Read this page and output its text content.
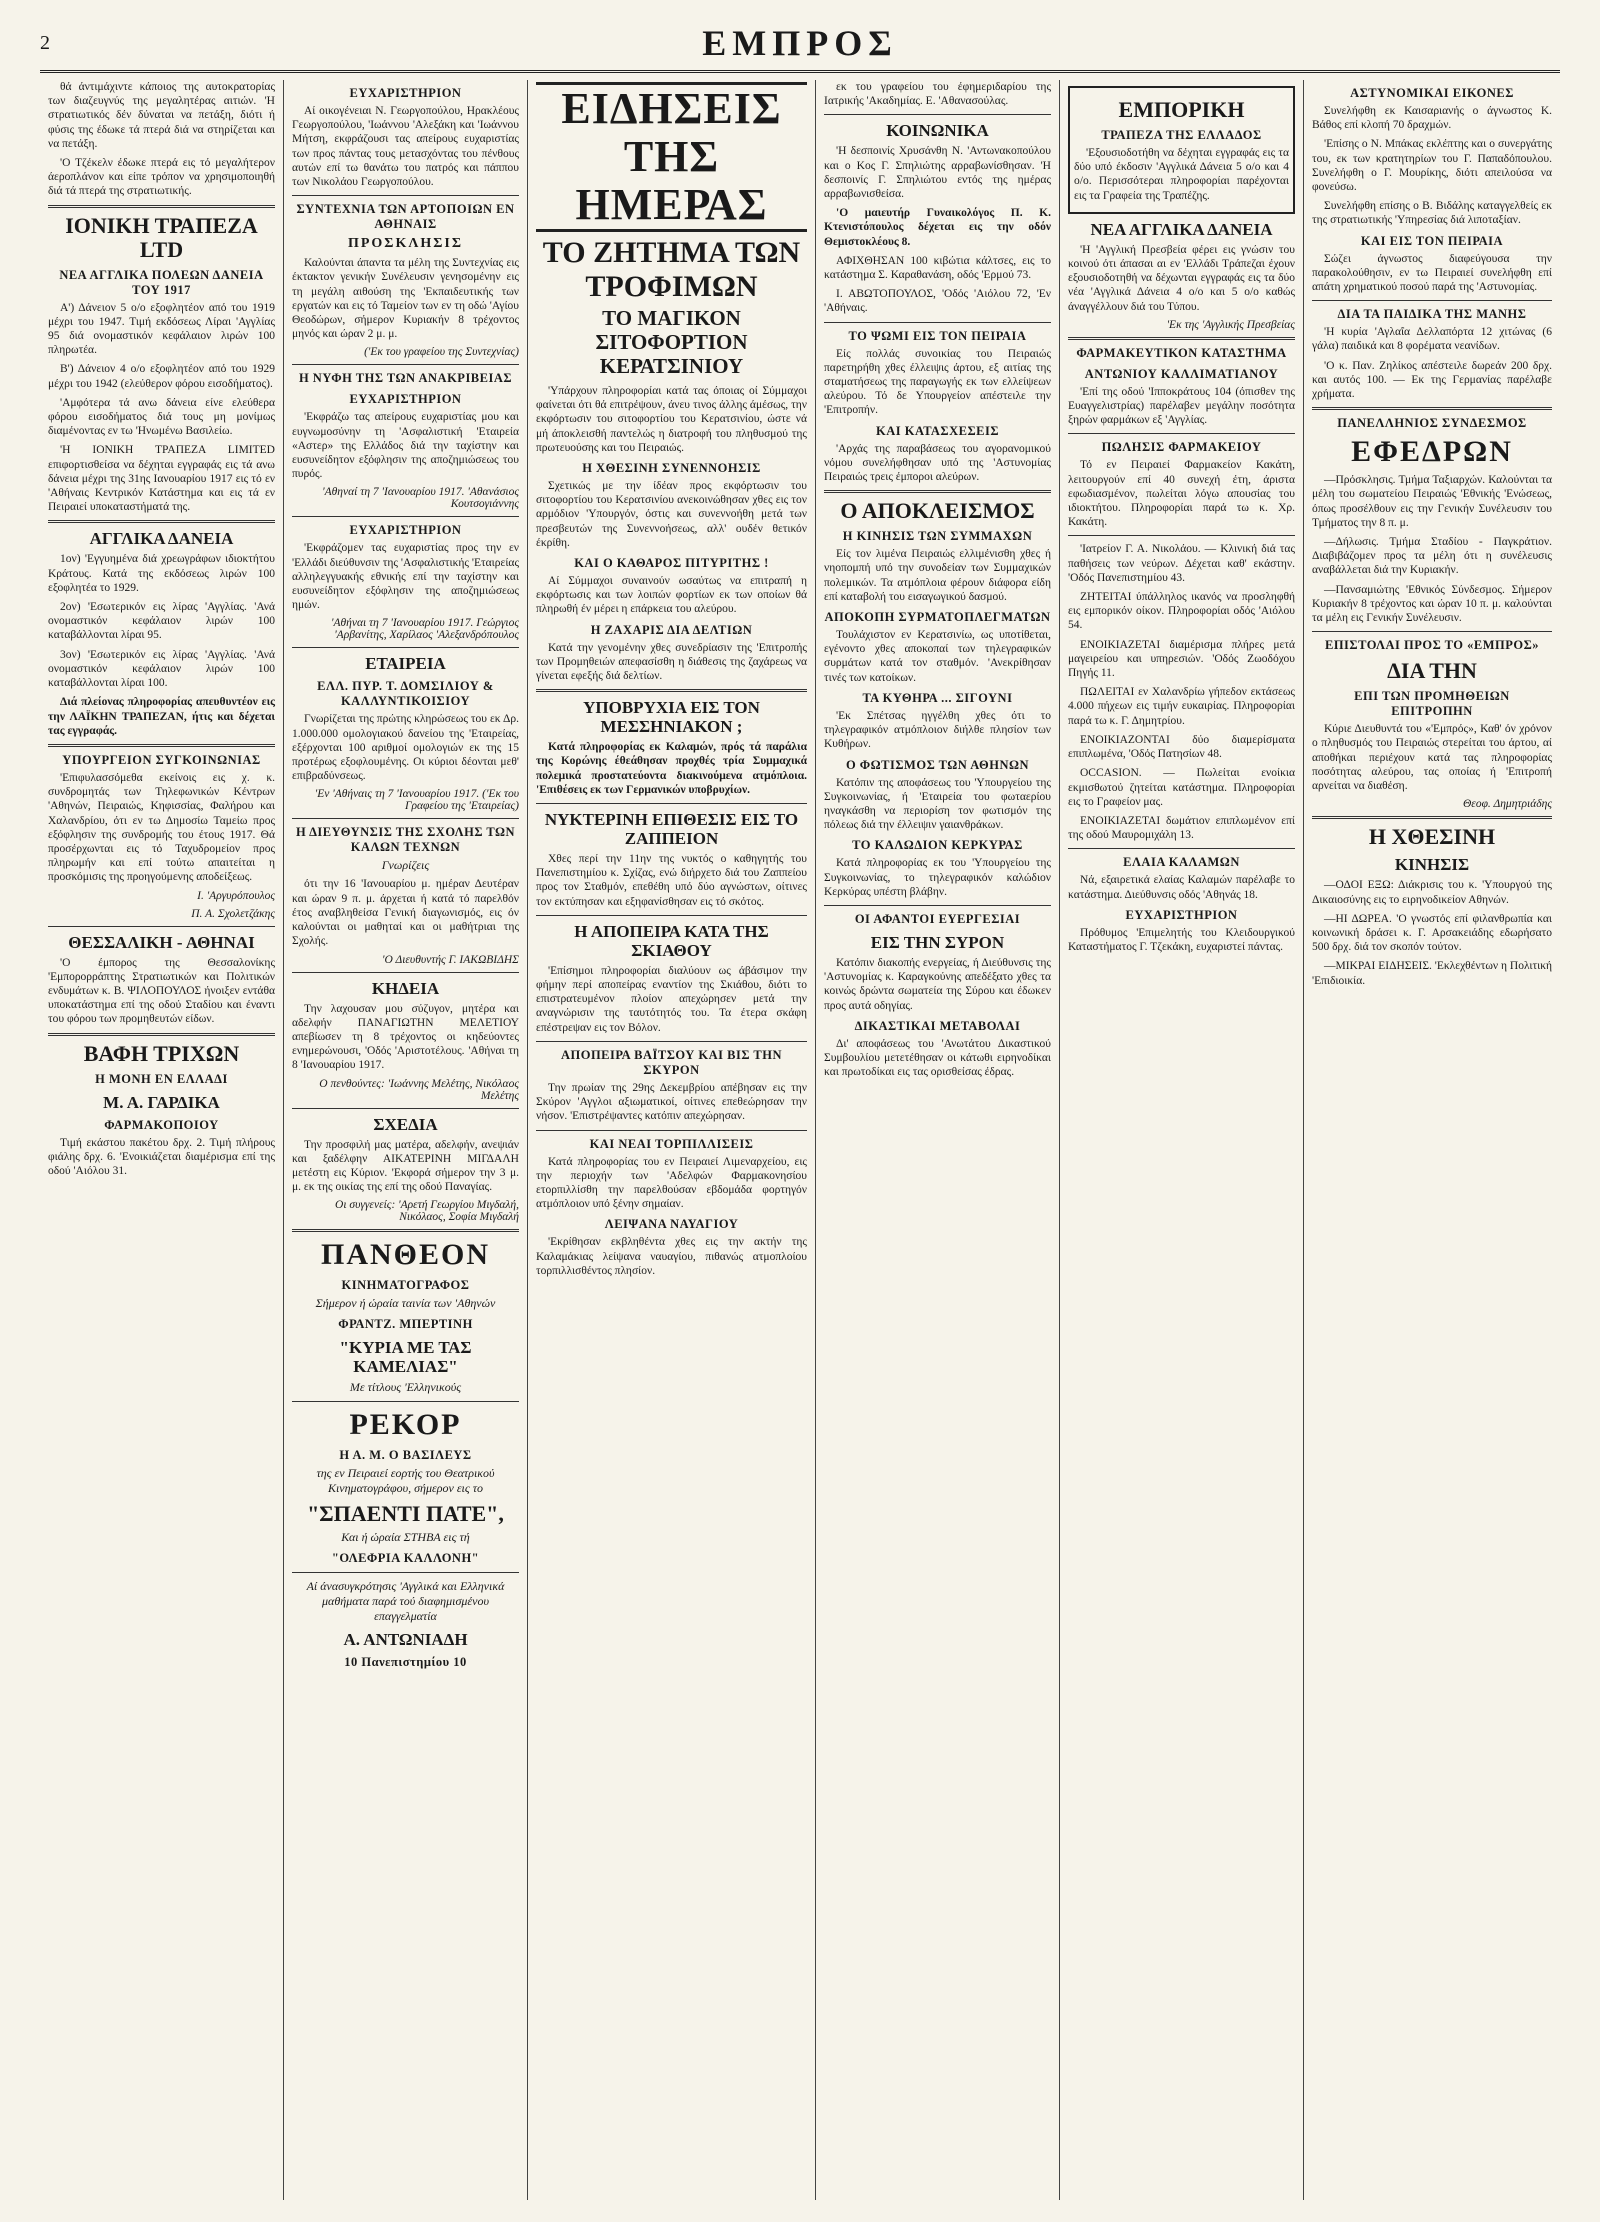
2	ΕΜΠΡΟΣ

θά άντιμάχιντε κάποιος της αυτοκρατορίας των διαζευγνύς της μεγαλητέρας αιτιών. 'Η στρατιωτικός δέν δύναται να πετάξη, διότι ή φύσις της έδωκε τά πτερά διά να στηρίζεται και να πετάξη.

'Ο Τζέκελν έδωκε πτερά εις τό μεγαλήτερον άεροπλάνον και είπε τρόπον να χρησιμοποιηθή διά τά πτερά της στρατιωτικής.

ΙΟΝΙΚΗ ΤΡΑΠΕΖΑ LTD
ΝΕΑ ΑΓΓΛΙΚΑ ΠΟΛΕΩΝ ΔΑΝΕΙΑ ΤΟΥ 1917

Α') Δάνειον 5 ο/ο εξοφλητέον από του 1919 μέχρι του 1947. Τιμή εκδόσεως Λίραι 'Αγγλίας 95 διά ονομαστικόν κεφάλαιον λιρών 100 πληρωτέα.

Β') Δάνειον 4 ο/ο εξοφλητέον από του 1929 μέχρι του 1942 (ελεύθερον φόρου εισοδήματος).

'Αμφότερα τά ανω δάνεια είνε ελεύθερα φόρου εισοδήματος διά τους μη μονίμως διαμένοντας εν τω 'Ηνωμένω Βασιλείω.

'Η ΙΟΝΙΚΗ ΤΡΑΠΕΖΑ LIMITED επιφορτισθείσα να δέχηται εγγραφάς εις τά ανω δάνεια μέχρι της 31ης Ιανουαρίου 1917 εις τό εν 'Αθήναις Κεντρικόν Κατάστημα και εις τά εν Πειραιεί υποκαταστήματά της.

ΑΓΓΛΙΚΑ ΔΑΝΕΙΑ

1ον) 'Εγγυημένα διά χρεωγράφων ιδιοκτήτου Κράτους. Κατά της εκδόσεως λιρών 100 εξοφλητέα το 1929.

2ον) 'Εσωτερικόν εις λίρας 'Αγγλίας. 'Ανά ονομαστικόν κεφάλαιον λιρών 100 καταβάλλονται λίραι 95.

3ον) 'Εσωτερικόν εις λίρας 'Αγγλίας. 'Ανά ονομαστικόν κεφάλαιον λιρών 100 καταβάλλονται λίραι 100.

Διά πλείονας πληροφορίας απευθυντέον εις την ΛΑΪΚΗΝ ΤΡΑΠΕΖΑΝ, ήτις και δέχεται τας εγγραφάς.

ΥΠΟΥΡΓΕΙΟΝ ΣΥΓΚΟΙΝΩΝΙΑΣ

'Επιφυλασσόμεθα εκείνοις εις χ. κ. συνδρομητάς των Τηλεφωνικών Κέντρων 'Αθηνών, Πειραιώς, Κηφισσίας, Φαλήρου και Χαλανδρίου, ότι εν τω Δημοσίω Ταμείω προς εξόφλησιν της συνδρομής του έτους 1917. Θά προσέρχωνται εις τό Ταχυδρομείον προς πληρωμήν και επί τούτω απαιτείται η προσκόμισις της προηγούμενης αποδείξεως.

Ι. 'Αργυρόπουλος
Π. Α. Σχολετζάκης
ΘΕΣΣΑΛΙΚΗ - ΑΘΗΝΑΙ

'Ο έμπορος της Θεσσαλονίκης 'Εμπορορράπτης Στρατιωτικών και Πολιτικών ενδυμάτων κ. Β. ΨΙΛΟΠΟΥΛΟΣ ήνοιξεν εντάθα υποκατάστημα επί της οδού Σταδίου και έναντι του φόρου των προμηθευτών είδων.

ΒΑΦΗ ΤΡΙΧΩΝ
Η ΜΟΝΗ ΕΝ ΕΛΛΑΔΙ
Μ. Α. ΓΑΡΔΙΚΑ
ΦΑΡΜΑΚΟΠΟΙΟΥ

Τιμή εκάστου πακέτου δρχ. 2. Τιμή πλήρους φιάλης δρχ. 6. 'Ενοικιάζεται διαμέρισμα επί της οδού 'Αιόλου 31.

ΕΥΧΑΡΙΣΤΗΡΙΟΝ

Αί οικογένειαι Ν. Γεωργοπούλου, Ηρακλέους Γεωργοπούλου, 'Ιωάννου 'Αλεξάκη και 'Ιωάννου Μήτση, εκφράζουσι τας απείρους ευχαριστίας των προς πάντας τους μετασχόντας του πένθους αυτών επί τω θανάτω του πατρός και πάππου των Νικολάου Γεωργοπούλου.

ΣΥΝΤΕΧΝΙΑ ΤΩΝ ΑΡΤΟΠΟΙΩΝ ΕΝ ΑΘΗΝΑΙΣ
ΠΡΟΣΚΛΗΣΙΣ

Καλούνται άπαντα τα μέλη της Συντεχνίας εις έκτακτον γενικήν Συνέλευσιν γενησομένην εις τη μεγάλη αιθούση της 'Εκπαιδευτικής των εργατών και εις τό Ταμείον των εν τη οδώ 'Αγίου Θεοδώρων, σήμερον Κυριακήν 8 τρέχοντος μηνός και ώραν 2 μ. μ.

('Εκ του γραφείου της Συντεχνίας)
Η ΝΥΦΗ ΤΗΣ ΤΩΝ ΑΝΑΚΡΙΒΕΙΑΣ
ΕΥΧΑΡΙΣΤΗΡΙΟΝ

'Εκφράζω τας απείρους ευχαριστίας μου και ευγνωμοσύνην τη 'Ασφαλιστική 'Εταιρεία «Αστερ» της Ελλάδος διά την ταχίστην και ευσυνείδητον εξόφλησιν της αποζημιώσεως του πυρός.

'Αθηναί τη 7 'Ιανουαρίου 1917. 'Αθανάσιος Κουτσογιάννης
ΕΥΧΑΡΙΣΤΗΡΙΟΝ

'Εκφράζομεν τας ευχαριστίας προς την εν 'Ελλάδι διεύθυνσιν της 'Ασφαλιστικής 'Εταιρείας αλληλεγγυακής εθνικής επί την ταχίστην και ευσυνείδητον εξόφλησιν της αποζημιώσεως ημών.

'Αθήναι τη 7 'Ιανουαρίου 1917. Γεώργιος 'Αρβανίτης, Χαρίλαος 'Αλεξανδρόπουλος
ΕΤΑΙΡΕΙΑ
ΕΛΛ. ΠΥΡ. Τ. ΔΟΜΣΙΛΙΟΥ & ΚΑΛΛΥΝΤΙΚΟΙΣΙΟΥ

Γνωρίζεται της πρώτης κληρώσεως του εκ Δρ. 1.000.000 ομολογιακού δανείου της 'Εταιρείας, εξέρχονται 100 αριθμοί ομολογιών εκ της 15 προτέρως εξοφλουμένης. Οι κύριοι δέονται μεθ' επιβραδύνσεως.

'Εν 'Αθήναις τη 7 'Ιανουαρίου 1917. ('Εκ του Γραφείου της 'Εταιρείας)
Η ΔΙΕΥΘΥΝΣΙΣ ΤΗΣ ΣΧΟΛΗΣ ΤΩΝ ΚΑΛΩΝ ΤΕΧΝΩΝ
Γνωρίζεις

ότι την 16 'Ιανουαρίου μ. ημέραν Δευτέραν και ώραν 9 π. μ. άρχεται ή κατά τό παρελθόν έτος αναβληθείσα Γενική διαγωνισμός, εις όν καλούνται οι μαθηταί και οι μαθήτριαι της Σχολής.

'Ο Διευθυντής Γ. ΙΑΚΩΒΙΔΗΣ
ΚΗΔΕΙΑ

Την λαχουσαν μου σύζυγον, μητέρα και αδελφήν ΠΑΝΑΓΙΩΤΗΝ ΜΕΛΕΤΙΟΥ απεβίωσεν τη 8 τρέχοντος οι κηδεύοντες ενημερώνουσι, 'Οδός 'Αριστοτέλους. 'Αθήναι τη 8 'Ιανουαρίου 1917.

Ο πενθούντες: 'Ιωάννης Μελέτης, Νικόλαος Μελέτης
ΣΧΕΔΙΑ

Την προσφιλή μας ματέρα, αδελφήν, ανεψιάν και ξαδέλφην ΑΙΚΑΤΕΡΙΝΗ ΜΙΓΔΑΛΗ μετέστη εις Κύριον. 'Εκφορά σήμερον την 3 μ. μ. εκ της οικίας της επί της οδού Παναγίας.

Οι συγγενείς: 'Αρετή Γεωργίου Μιγδαλή, Νικόλαος, Σοφία Μιγδαλή
ΠΑΝΘΕΟΝ
ΚΙΝΗΜΑΤΟΓΡΑΦΟΣ
Σήμερον ή ώραία ταινία των 'Αθηνών
ΦΡΑΝΤΖ. ΜΠΕΡΤΙΝΗ
"ΚΥΡΙΑ ΜΕ ΤΑΣ ΚΑΜΕΛΙΑΣ"
Με τίτλους 'Ελληνικούς
ΡΕΚΟΡ
Η Α. Μ. Ο ΒΑΣΙΛΕΥΣ
της εν Πειραιεί εορτής του Θεατρικού Κινηματογράφου, σήμερον εις το
"ΣΠΑΕΝΤΙ ΠΑΤΕ",
Και ή ώραία ΣΤΗΒΑ εις τή
"ΟΛΕΦΡΙΑ ΚΑΛΛΟΝΗ"
Αί άνασυγκρότησις 'Αγγλικά και Ελληνικά μαθήματα παρά τού διαφημισμένου επαγγελματία
Α. ΑΝΤΩΝΙΑΔΗ
10 Πανεπιστημίου 10
ΕΙΔΗΣΕΙΣ ΤΗΣ ΗΜΕΡΑΣ
ΤΟ ΖΗΤΗΜΑ ΤΩΝ ΤΡΟΦΙΜΩΝ
ΤΟ ΜΑΓΙΚΟΝ ΣΙΤΟΦΟΡΤΙΟΝ ΚΕΡΑΤΣΙΝΙΟΥ

'Υπάρχουν πληροφορίαι κατά τας όποιας οί Σύμμαχοι φαίνεται ότι θά επιτρέψουν, άνευ τινος άλλης άμέσως, την εκφόρτωσιν του σιτοφορτίου του Κερατσινίου, ώστε νά μή άποκλεισθή παντελώς η διατροφή του πληθυσμού της πρωτευούσης και του Πειραιώς.

Η ΧΘΕΣΙΝΗ ΣΥΝΕΝΝΟΗΣΙΣ

Σχετικώς με την ίδέαν προς εκφόρτωσιν του σιτοφορτίου του Κερατσινίου ανεκοινώθησαν χθες εις τον αρμόδιον 'Υπουργόν, όστις και συνεννοήθη μετά των πρεσβευτών της Συνεννοήσεως, αλλ' ουδέν θετικόν έκρίθη.

ΚΑΙ Ο ΚΑΘΑΡΟΣ ΠΙΤΥΡΙΤΗΣ !

Αί Σύμμαχοι συναινούν ωσαύτως να επιτραπή η εκφόρτωσις και των λοιπών φορτίων εκ των οποίων θά πληρωθή έν μέρει η επάρκεια του αλεύρου.

Η ΖΑΧΑΡΙΣ ΔΙΑ ΔΕΛΤΙΩΝ

Κατά την γενομένην χθες συνεδρίασιν της 'Επιτροπής των Προμηθειών απεφασίσθη η διάθεσις της ζαχάρεως να γίνεται εφεξής διά δελτίων.

ΥΠΟΒΡΥΧΙΑ ΕΙΣ ΤΟΝ ΜΕΣΣΗΝΙΑΚΟΝ ;

Κατά πληροφορίας εκ Καλαμών, πρός τά παράλια της Κορώνης έθεάθησαν προχθές τρία Συμμαχικά πολεμικά προστατεύοντα διακινούμενα ατμόπλοια. 'Επιθέσεις εκ των Γερμανικών υποβρυχίων.

ΝΥΚΤΕΡΙΝΗ ΕΠΙΘΕΣΙΣ ΕΙΣ ΤΟ ΖΑΠΠΕΙΟΝ

Χθες περί την 11ην της νυκτός ο καθηγητής του Πανεπιστημίου κ. Σχίζας, ενώ διήρχετο διά του Ζαππείου προς τον Σταθμόν, επεθέθη υπό δύο αγνώστων, οίτινες τον εκτύπησαν και εξηφανίσθησαν εις τό σκότος.

Η ΑΠΟΠΕΙΡΑ ΚΑΤΑ ΤΗΣ ΣΚΙΑΘΟΥ

'Επίσημοι πληροφορίαι διαλύουν ως άβάσιμον την φήμην περί αποπείρας εναντίον της Σκιάθου, διότι το επιστρατευμένον πλοίον απεχώρησεν μετά την αναγνώρισιν της ταυτότητός του. Τα έτερα σκάφη επέστρεψαν εις τον Βόλον.

ΑΠΟΠΕΙΡΑ ΒΑΪΤΣΟΥ ΚΑΙ ΒΙΣ ΤΗΝ ΣΚΥΡΟΝ

Την πρωίαν της 29ης Δεκεμβρίου απέβησαν εις την Σκύρον 'Αγγλοι αξιωματικοί, οίτινες επεθεώρησαν την νήσον. 'Επιστρέψαντες κατόπιν απεχώρησαν.

ΚΑΙ ΝΕΑΙ ΤΟΡΠΙΛΛΙΣΕΙΣ

Κατά πληροφορίας του εν Πειραιεί Λιμεναρχείου, εις την περιοχήν των 'Αδελφών Φαρμακονησίου ετορπιλλίσθη την παρελθούσαν εβδομάδα φορτηγόν ατμόπλοιον υπό ξένην σημαίαν.

ΛΕΙΨΑΝΑ ΝΑΥΑΓΙΟΥ

'Εκρίθησαν εκβληθέντα χθες εις την ακτήν της Καλαμάκιας λείψανα ναυαγίου, πιθανώς ατμοπλοίου τορπιλλισθέντος πλησίον.

εκ του γραφείου του έφημεριδαρίου της Ιατρικής 'Ακαδημίας. Ε. 'Αθανασούλας.

ΚΟΙΝΩΝΙΚΑ

'Η δεσποινίς Χρυσάνθη Ν. 'Αντωνακοπούλου και ο Κος Γ. Σπηλιώτης αρραβωνίσθησαν. 'Η δεσποινίς Γ. Σπηλιώτου εντός της ημέρας αρραβωνισθείσα.

'Ο μαιευτήρ Γυναικολόγος Π. Κ. Κτενιστόπουλος δέχεται εις την οδόν Θεμιστοκλέους 8.

ΑΦΙΧΘΗΣΑΝ 100 κιβώτια κάλτσες, εις το κατάστημα Σ. Καραθανάση, οδός 'Ερμού 73.

Ι. ΑΒΩΤΟΠΟΥΛΟΣ, 'Οδός 'Αιόλου 72, 'Εν 'Αθήναις.

ΤΟ ΨΩΜΙ ΕΙΣ ΤΟΝ ΠΕΙΡΑΙΑ

Είς πολλάς συνοικίας του Πειραιώς παρετηρήθη χθες έλλειψις άρτου, εξ αιτίας της σταματήσεως της παραγωγής εκ των ελλείψεων αλεύρου. Τό δε Υπουργείον απέστειλε την 'Επιτροπήν.

ΚΑΙ ΚΑΤΑΣΧΕΣΕΙΣ

'Αρχάς της παραβάσεως του αγορανομικού νόμου συνελήφθησαν υπό της 'Αστυνομίας Πειραιώς τρεις έμποροι αλεύρων.

Ο ΑΠΟΚΛΕΙΣΜΟΣ
Η ΚΙΝΗΣΙΣ ΤΩΝ ΣΥΜΜΑΧΩΝ

Είς τον λιμένα Πειραιώς ελλιμένισθη χθες ή νηοπομπή υπό την συνοδείαν των Συμμαχικών πολεμικών. Τα ατμόπλοια φέρουν διάφορα είδη επί καταβολή του εισαγωγικού δασμού.

ΑΠΟΚΟΠΗ ΣΥΡΜΑΤΟΠΛΕΓΜΑΤΩΝ

Τουλάχιστον εν Κερατσινίω, ως υποτίθεται, εγένοντο χθες αποκοπαί των τηλεγραφικών συρμάτων κατά τον σταθμόν. 'Ανεκρίθησαν τινές των κατοίκων.

ΤΑ ΚΥΘΗΡΑ ... ΣΙΓΟΥΝΙ

'Εκ Σπέτσας ηγγέλθη χθες ότι το τηλεγραφικόν ατμόπλοιον διήλθε πλησίον των Κυθήρων.

Ο ΦΩΤΙΣΜΟΣ ΤΩΝ ΑΘΗΝΩΝ

Κατόπιν της αποφάσεως του 'Υπουργείου της Συγκοινωνίας, ή 'Εταιρεία του φωταερίου ηναγκάσθη να περιορίση τον φωτισμόν της πόλεως διά την έλλειψιν γαιανθράκων.

ΤΟ ΚΑΛΩΔΙΟΝ ΚΕΡΚΥΡΑΣ

Κατά πληροφορίας εκ του 'Υπουργείου της Συγκοινωνίας, το τηλεγραφικόν καλώδιον Κερκύρας υπέστη βλάβην.

ΟΙ ΑΦΑΝΤΟΙ ΕΥΕΡΓΕΣΙΑΙ
ΕΙΣ ΤΗΝ ΣΥΡΟΝ

Κατόπιν διακοπής ενεργείας, ή Διεύθυνσις της 'Αστυνομίας κ. Καραγκούνης απεδέξατο χθες τα κοινώς δρώντα σωματεία της Σύρου και έδωκεν προς αυτά οδηγίας.

ΔΙΚΑΣΤΙΚΑΙ ΜΕΤΑΒΟΛΑΙ

Δι' αποφάσεως του 'Ανωτάτου Δικαστικού Συμβουλίου μετετέθησαν οι κάτωθι ειρηνοδίκαι και πρωτοδίκαι εις τας ορισθείσας έδρας.

ΕΜΠΟΡΙΚΗ
ΤΡΑΠΕΖΑ ΤΗΣ ΕΛΛΑΔΟΣ

'Εξουσιοδοτήθη να δέχηται εγγραφάς εις τα δύο υπό έκδοσιν 'Αγγλικά Δάνεια 5 ο/ο και 4 ο/ο. Περισσότεραι πληροφορίαι παρέχονται εις τα Γραφεία της Τραπέζης.

ΝΕΑ ΑΓΓΛΙΚΑ ΔΑΝΕΙΑ

'Η 'Αγγλική Πρεσβεία φέρει εις γνώσιν του κοινού ότι άπασαι αι εν 'Ελλάδι Τράπεζαι έχουν εξουσιοδοτηθή να δέχωνται εγγραφάς εις τα δύο νέα 'Αγγλικά Δάνεια 4 ο/ο και 5 ο/ο καθώς άναγγέλλουν διά του Τύπου.

'Εκ της 'Αγγλικής Πρεσβείας
ΦΑΡΜΑΚΕΥΤΙΚΟΝ ΚΑΤΑΣΤΗΜΑ
ΑΝΤΩΝΙΟΥ ΚΑΛΛΙΜΑΤΙΑΝΟΥ

'Επί της οδού 'Ιπποκράτους 104 (όπισθεν της Ευαγγελιστρίας) παρέλαβεν μεγάλην ποσότητα ξηρών φαρμάκων εξ 'Αγγλίας.

ΠΩΛΗΣΙΣ ΦΑΡΜΑΚΕΙΟΥ

Τό εν Πειραιεί Φαρμακείον Κακάτη, λειτουργούν επί 40 συνεχή έτη, άριστα εφωδιασμένον, πωλείται λόγω απουσίας του ιδιοκτήτου. Πληροφορίαι παρά τω κ. Χρ. Κακάτη.

'Ιατρείον Γ. Α. Νικολάου. — Κλινική διά τας παθήσεις των νεύρων. Δέχεται καθ' εκάστην. 'Οδός Πανεπιστημίου 43.

ΖΗΤΕΙΤΑΙ ύπάλληλος ικανός να προσληφθή εις εμπορικόν οίκον. Πληροφορίαι οδός 'Αιόλου 54.

ΕΝΟΙΚΙΑΖΕΤΑΙ διαμέρισμα πλήρες μετά μαγειρείου και υπηρεσιών. 'Οδός Ζωοδόχου Πηγής 11.

ΠΩΛΕΙΤΑΙ εν Χαλανδρίω γήπεδον εκτάσεως 4.000 πήχεων εις τιμήν ευκαιρίας. Πληροφορίαι παρά τω κ. Γ. Δημητρίου.

ΕΝΟΙΚΙΑΖΟΝΤΑΙ δύο διαμερίσματα επιπλωμένα, 'Οδός Πατησίων 48.

OCCASION. — Πωλείται ενοίκια εκμισθωτού ζητείται κατάστημα. Πληροφορίαι εις το Γραφείον μας.

ΕΝΟΙΚΙΑΖΕΤΑΙ δωμάτιον επιπλωμένον επί της οδού Μαυρομιχάλη 13.

ΕΛΑΙΑ ΚΑΛΑΜΩΝ

Νά, εξαιρετικά ελαίας Καλαμών παρέλαβε το κατάστημα. Διεύθυνσις οδός 'Αθηνάς 18.

ΕΥΧΑΡΙΣΤΗΡΙΟΝ

Πρόθυμος 'Επιμελητής του Κλειδουργικού Καταστήματος Γ. Τζεκάκη, ευχαριστεί πάντας.

ΑΣΤΥΝΟΜΙΚΑΙ ΕΙΚΟΝΕΣ

Συνελήφθη εκ Καισαριανής ο άγνωστος Κ. Βάθος επί κλοπή 70 δραχμών.

'Επίσης ο Ν. Μπάκας εκλέπτης και ο συνεργάτης του, εκ των κρατητηρίων του Γ. Παπαδόπουλου. Συνελήφθη ο Γ. Μουρίκης, διότι απειλούσα να φονεύσω.

Συνελήφθη επίσης ο Β. Βιδάλης καταγγελθείς εκ της στρατιωτικής 'Υπηρεσίας διά λιποταξίαν.

ΚΑΙ ΕΙΣ ΤΟΝ ΠΕΙΡΑΙΑ

Σώζει άγνωστος διαφεύγουσα την παρακολούθησιν, εν τω Πειραιεί συνελήφθη επί απάτη χρηματικού ποσού παρά της 'Αστυνομίας.

ΔΙΑ ΤΑ ΠΑΙΔΙΚΑ ΤΗΣ ΜΑΝΗΣ

'Η κυρία 'Αγλαΐα Δελλαπόρτα 12 χιτώνας (6 γάλα) παιδικά και 8 φορέματα νεανίδων.

'Ο κ. Παν. Ζηλίκος απέστειλε δωρεάν 200 δρχ. και αυτός 100. — Εκ της Γερμανίας παρέλαβε χρήματα.

ΠΑΝΕΛΛΗΝΙΟΣ ΣΥΝΔΕΣΜΟΣ
ΕΦΕΔΡΩΝ

—Πρόσκλησις. Τμήμα Ταξιαρχών. Καλούνται τα μέλη του σωματείου Πειραιώς 'Εθνικής 'Ενώσεως, όπως προσέλθουν εις την Γενικήν Συνέλευσιν του Τμήματος την 8 π. μ.

—Δήλωσις. Τμήμα Σταδίου - Παγκράτιον. Διαβιβάζομεν προς τα μέλη ότι η συνέλευσις αναβάλλεται διά την Κυριακήν.

—Πανσαμιώτης 'Εθνικός Σύνδεσμος. Σήμερον Κυριακήν 8 τρέχοντος και ώραν 10 π. μ. καλούνται τα μέλη εις Γενικήν Συνέλευσιν.

ΕΠΙΣΤΟΛΑΙ ΠΡΟΣ ΤΟ «ΕΜΠΡΟΣ»
ΔΙΑ ΤΗΝ
ΕΠΙ ΤΩΝ ΠΡΟΜΗΘΕΙΩΝ ΕΠΙΤΡΟΠΗΝ

Κύριε Διευθυντά του «'Εμπρός», Καθ' όν χρόνον ο πληθυσμός του Πειραιώς στερείται του άρτου, αί αποθήκαι περιέχουν κατά τας πληροφορίας ποσότητας αλεύρου, τας οποίας ή 'Επιτροπή αρνείται να διαθέση.

Θεοφ. Δημητριάδης
Η ΧΘΕΣΙΝΗ
ΚΙΝΗΣΙΣ

—ΟΔΟΙ ΕΞΩ: Διάκρισις του κ. 'Υπουργού της Δικαιοσύνης εις το ειρηνοδικείον Αθηνών.

—ΗΙ ΔΩΡΕΑ. 'Ο γνωστός επί φιλανθρωπία και κοινωνική δράσει κ. Γ. Αρσακειάδης εδωρήσατο 500 δρχ. διά τον σκοπόν τούτον.

—ΜΙΚΡΑΙ ΕΙΔΗΣΕΙΣ. 'Εκλεχθέντων η Πολιτική 'Επιδιοικία.
